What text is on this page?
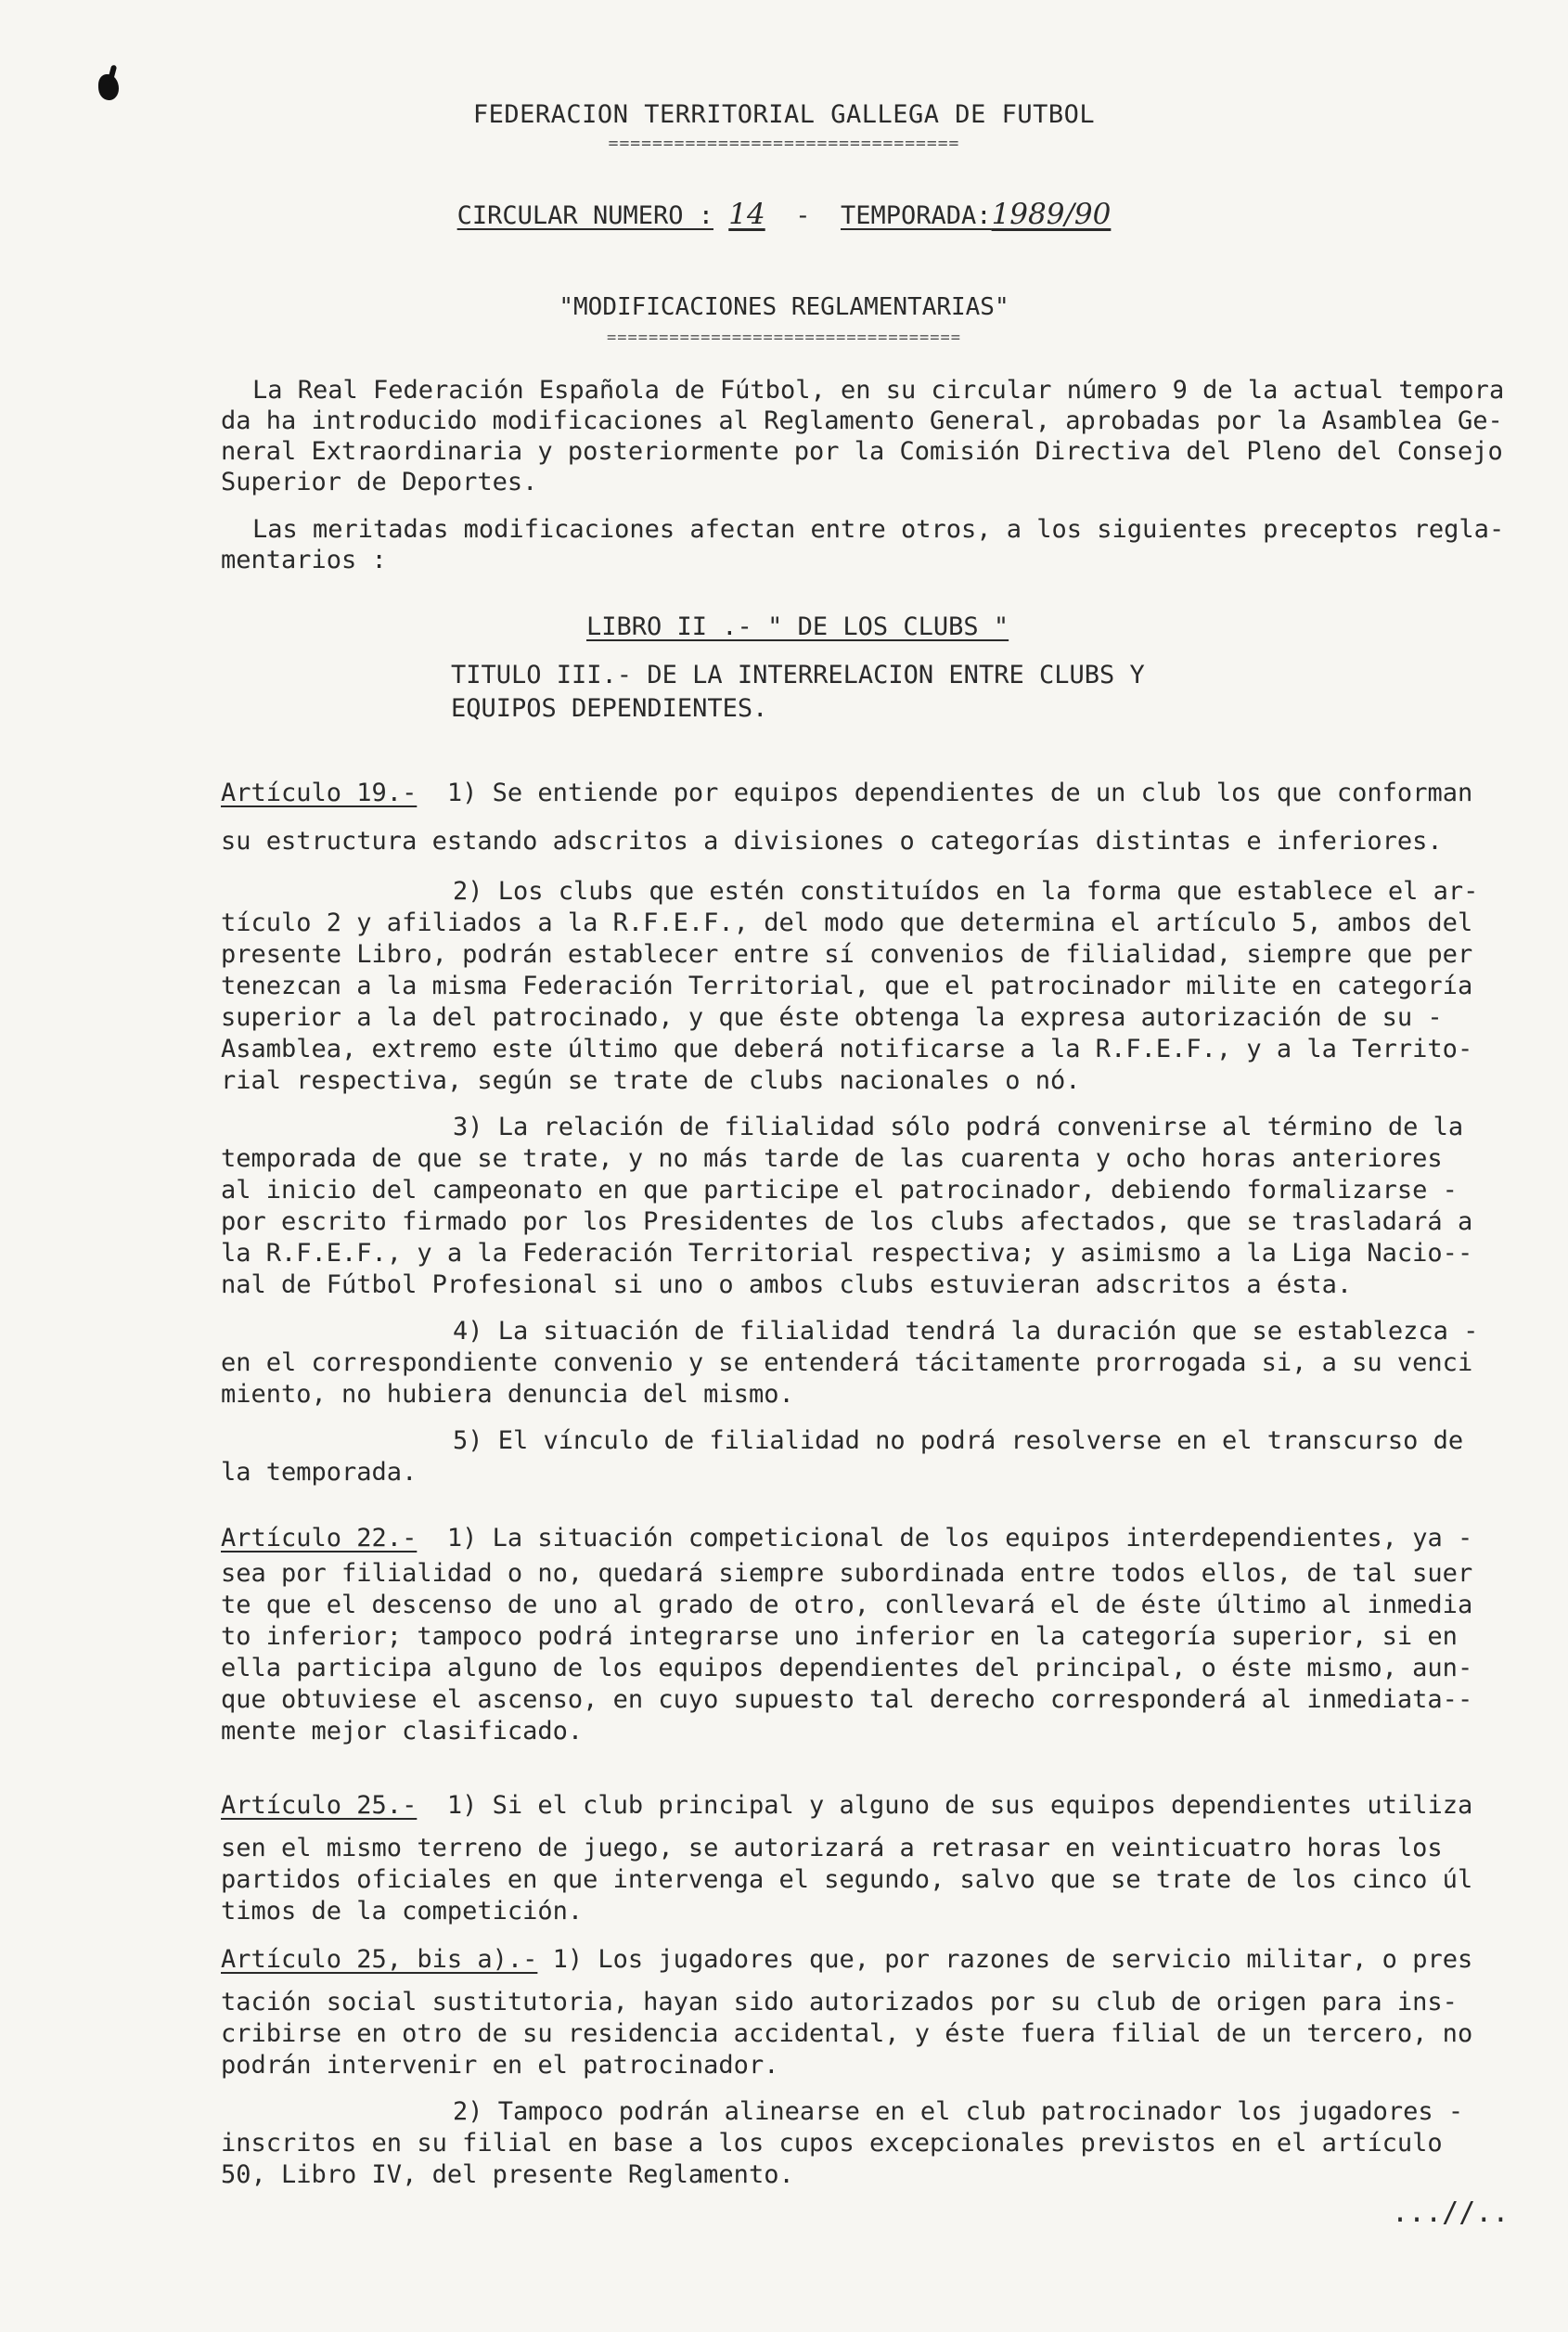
FEDERACION TERRITORIAL GALLEGA DE FUTBOL
================================
CIRCULAR NUMERO : 14 - TEMPORADA:1989/90
"MODIFICACIONES REGLAMENTARIAS"
==================================
La Real Federación Española de Fútbol, en su circular número 9 de la actual tempora
da ha introducido modificaciones al Reglamento General, aprobadas por la Asamblea Ge-
neral Extraordinaria y posteriormente por la Comisión Directiva del Pleno del Consejo
Superior de Deportes.
Las meritadas modificaciones afectan entre otros, a los siguientes preceptos regla-
mentarios :
LIBRO II .- " DE LOS CLUBS "
TITULO III.- DE LA INTERRELACION ENTRE CLUBS Y
EQUIPOS DEPENDIENTES.
Artículo 19.- 1) Se entiende por equipos dependientes de un club los que conforman
su estructura estando adscritos a divisiones o categorías distintas e inferiores.
2) Los clubs que estén constituídos en la forma que establece el ar-
tículo 2 y afiliados a la R.F.E.F., del modo que determina el artículo 5, ambos del
presente Libro, podrán establecer entre sí convenios de filialidad, siempre que per
tenezcan a la misma Federación Territorial, que el patrocinador milite en categoría
superior a la del patrocinado, y que éste obtenga la expresa autorización de su -
Asamblea, extremo este último que deberá notificarse a la R.F.E.F., y a la Territo-
rial respectiva, según se trate de clubs nacionales o nó.
3) La relación de filialidad sólo podrá convenirse al término de la
temporada de que se trate, y no más tarde de las cuarenta y ocho horas anteriores
al inicio del campeonato en que participe el patrocinador, debiendo formalizarse -
por escrito firmado por los Presidentes de los clubs afectados, que se trasladará a
la R.F.E.F., y a la Federación Territorial respectiva; y asimismo a la Liga Nacio--
nal de Fútbol Profesional si uno o ambos clubs estuvieran adscritos a ésta.
4) La situación de filialidad tendrá la duración que se establezca -
en el correspondiente convenio y se entenderá tácitamente prorrogada si, a su venci
miento, no hubiera denuncia del mismo.
5) El vínculo de filialidad no podrá resolverse en el transcurso de
la temporada.
Artículo 22.- 1) La situación competicional de los equipos interdependientes, ya -
sea por filialidad o no, quedará siempre subordinada entre todos ellos, de tal suer
te que el descenso de uno al grado de otro, conllevará el de éste último al inmedia
to inferior; tampoco podrá integrarse uno inferior en la categoría superior, si en
ella participa alguno de los equipos dependientes del principal, o éste mismo, aun-
que obtuviese el ascenso, en cuyo supuesto tal derecho corresponderá al inmediata--
mente mejor clasificado.
Artículo 25.- 1) Si el club principal y alguno de sus equipos dependientes utiliza
sen el mismo terreno de juego, se autorizará a retrasar en veinticuatro horas los
partidos oficiales en que intervenga el segundo, salvo que se trate de los cinco úl
timos de la competición.
Artículo 25, bis a).- 1) Los jugadores que, por razones de servicio militar, o pres
tación social sustitutoria, hayan sido autorizados por su club de origen para ins-
cribirse en otro de su residencia accidental, y éste fuera filial de un tercero, no
podrán intervenir en el patrocinador.
2) Tampoco podrán alinearse en el club patrocinador los jugadores -
inscritos en su filial en base a los cupos excepcionales previstos en el artículo
50, Libro IV, del presente Reglamento.
...//..
